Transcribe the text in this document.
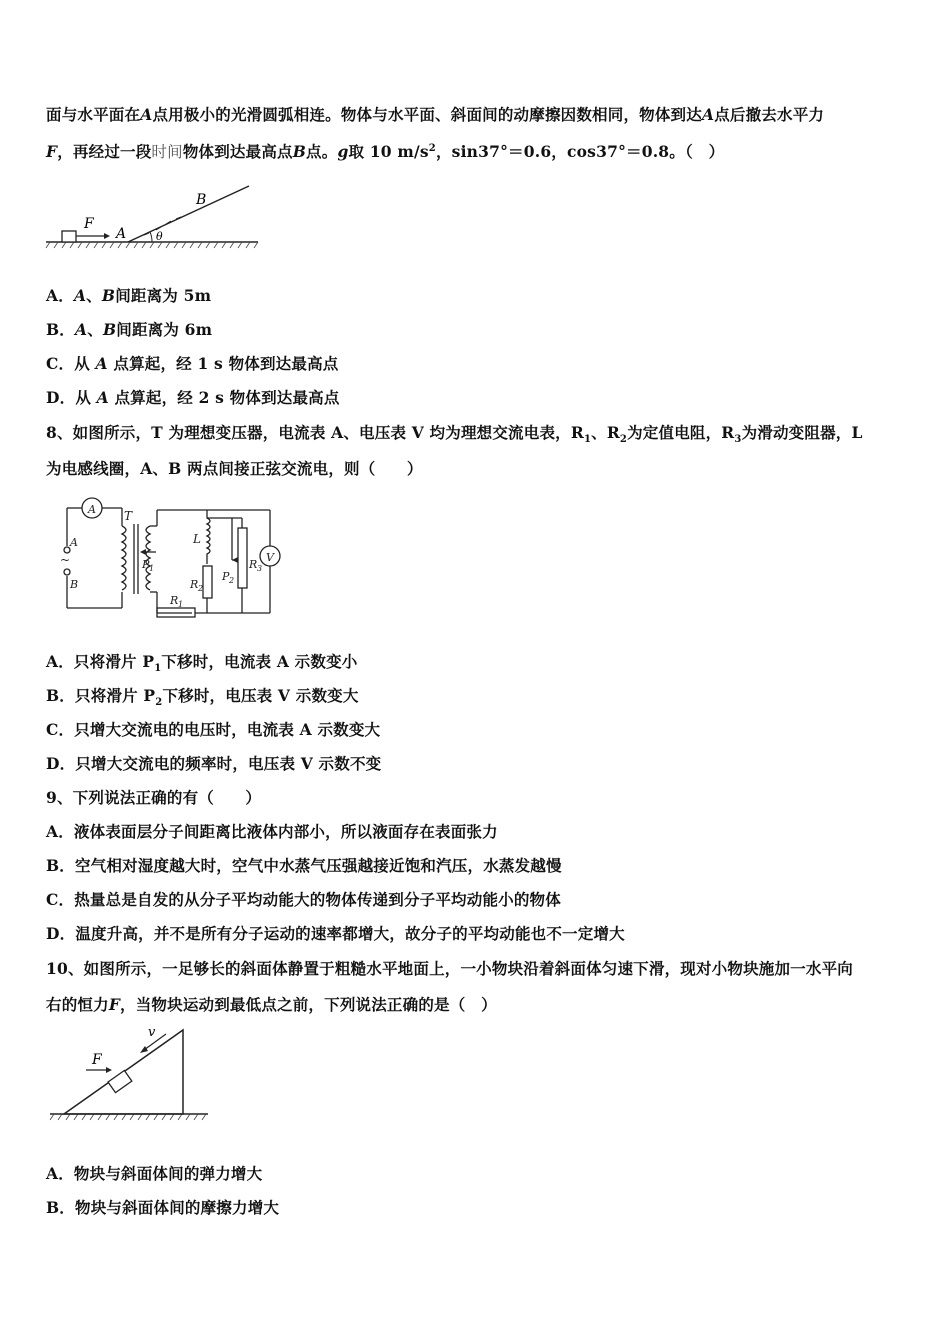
面与水平面在A点用极小的光滑圆弧相连。物体与水平面、斜面间的动摩擦因数相同，物体到达A点后撤去水平力
F，再经过一段时间物体到达最高点B点。g取 10 $m/s^2$，sin37°＝0.6，cos37°＝0.8。（　）
F
A	θ
B
A．A、B间距离为 5m
B．A、B间距离为 6m
C．从 A 点算起，经 1 s 物体到达最高点
D．从 A 点算起，经 2 s 物体到达最高点
8、如图所示，T 为理想变压器，电流表 A、电压表 V 均为理想交流电表，$R_1$、$R_2$为定值电阻，$R_3$为滑动变阻器，L
为电感线圈，A、B 两点间接正弦交流电，则（　　）
A
V
T
A
~
B
P 1
L
R 2
P 2
R 3
R 1
A．只将滑片 $P_1$下移时，电流表 A 示数变小
B．只将滑片 $P_2$下移时，电压表 V 示数变大
C．只增大交流电的电压时，电流表 A 示数变大
D．只增大交流电的频率时，电压表 V 示数不变
9、下列说法正确的有（　　）
A．液体表面层分子间距离比液体内部小，所以液面存在表面张力
B．空气相对湿度越大时，空气中水蒸气压强越接近饱和汽压，水蒸发越慢
C．热量总是自发的从分子平均动能大的物体传递到分子平均动能小的物体
D．温度升高，并不是所有分子运动的速率都增大，故分子的平均动能也不一定增大
10、如图所示，一足够长的斜面体静置于粗糙水平地面上，一小物块沿着斜面体匀速下滑，现对小物块施加一水平向
右的恒力F，当物块运动到最低点之前，下列说法正确的是（　）
F
v
A．物块与斜面体间的弹力增大
B．物块与斜面体间的摩擦力增大
